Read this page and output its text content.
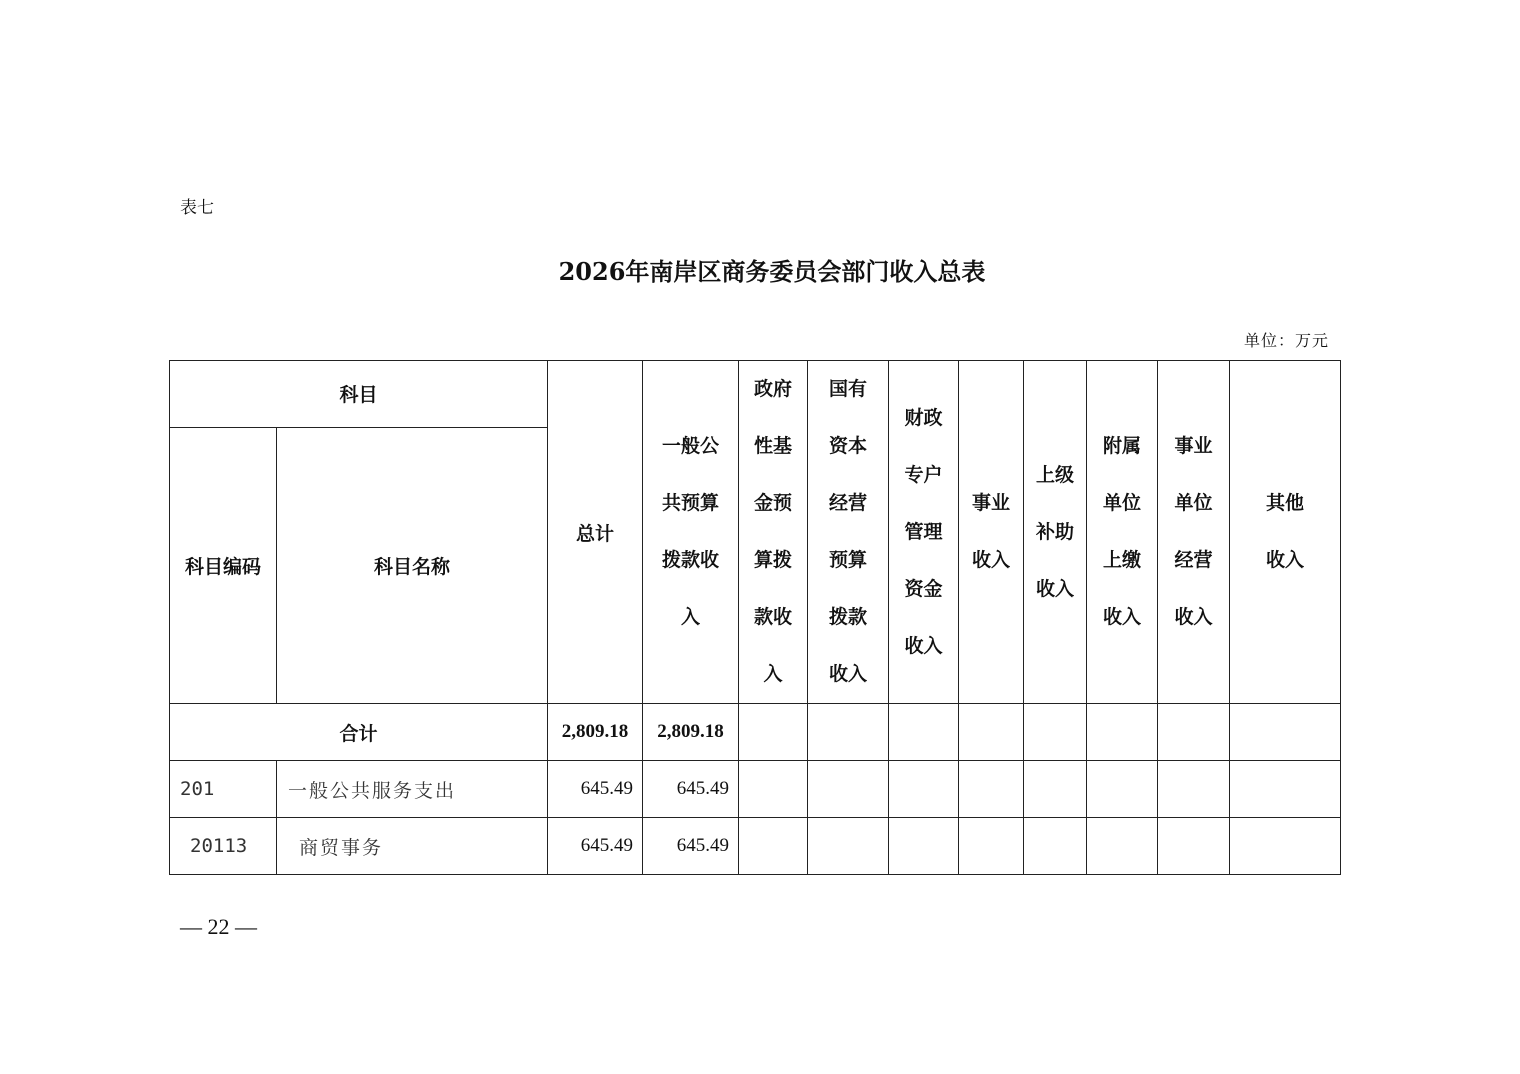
表七
2026年南岸区商务委员会部门收入总表
单位：万元
科目		总计	一般公共预算拨款收入	政府性基金预算拨款收入	国有资本经营预算拨款收入	财政专户管理资金收入	事业收入	上级补助收入	附属单位上缴收入	事业单位经营收入	其他收入

科目编码	科目名称										
合计		2,809.18	2,809.18								
201	一般公共服务支出	645.49	645.49								
20113	商贸事务	645.49	645.49								
— 22 —
